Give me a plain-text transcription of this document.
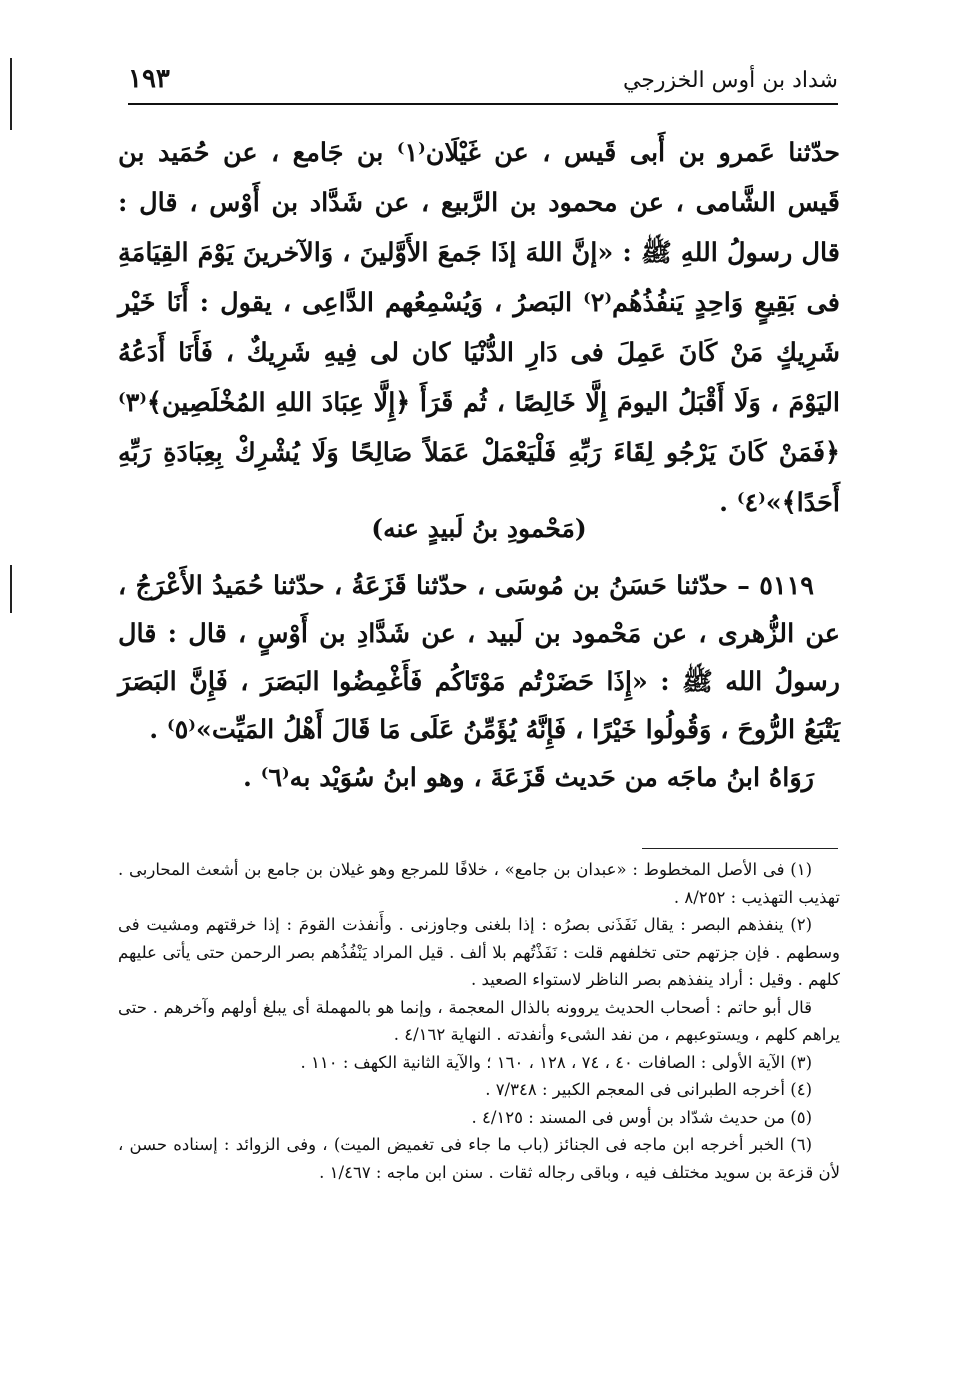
شداد بن أوس الخزرجي
١٩٣

حدّثنا عَمرو بن أَبى قَيس ، عن غَيْلَان⁽١⁾ بن جَامع ، عن حُمَيد بن قَيس الشَّامى ، عن محمود بن الرَّبيع ، عن شَدَّاد بن أَوْس ، قال : قال رسولُ اللهِ ﷺ : «إنَّ اللهَ إذَا جَمعَ الأَوَّلينَ ، وَالآخرينَ يَوْمَ القِيَامَةِ فى بَقِيعٍ وَاحِدٍ يَنفُذُهُم⁽٢⁾ البَصرُ ، وَيُسْمِعُهم الدَّاعِى ، يقول : أَنَا خَيْر شَرِيكٍ مَنْ كَانَ عَمِلَ فى دَارِ الدُّنْيَا كان لى فِيهِ شَرِيكٌ ، فَأَنَا أَدَعُهُ اليَوْمَ ، وَلَا أَقْبَلُ اليومَ إِلَّا خَالِصًا ، ثُم قَرَأَ ﴿إِلَّا عِبَادَ اللهِ المُخْلَصِين﴾⁽٣⁾ ﴿فَمَنْ كَانَ يَرْجُو لِقَاءَ رَبِّهِ فَلْيَعْمَلْ عَمَلاً صَالِحًا وَلَا يُشْرِكْ بِعِبَادَةِ رَبِّهِ أَحَدًا﴾»⁽٤⁾ .

(مَحْمودِ بنُ لَبيدٍ عنه)

٥١١٩ – حدّثنا حَسَنُ بن مُوسَى ، حدّثنا قَزَعَةُ ، حدّثنا حُمَيدُ الأَعْرَجُ ، عن الزُّهرى ، عن مَحْمود بن لَبيد ، عن شَدَّادِ بن أَوْسٍ ، قال : قال رسولُ الله ﷺ : «إِذَا حَضَرْتُم مَوْتَاكُم فَأَغْمِضُوا البَصَرَ ، فَإِنَّ البَصَرَ يَتْبَعُ الرُّوحَ ، وَقُولُوا خَيْرًا ، فَإِنَّهُ يُؤَمِّنُ عَلَى مَا قَالَ أَهْلُ المَيِّت»⁽٥⁾ .

رَوَاهُ ابنُ ماجَه من حَديث قَزَعَةَ ، وهو ابنُ سُوَيْد به⁽٦⁾ .

(١) فى الأصل المخطوط : «عبدان بن جامع» ، خلافًا للمرجع وهو غيلان بن جامع بن أشعث المحاربى . تهذيب التهذيب : ٨/٢٥٢ .

(٢) ينفذهم البصر : يقال نَفَذَنى بصرُه : إذا بلغنى وجاوزنى . وأَنفذت القومَ : إذا خرقتهم ومشيت فى وسطهم . فإن جزتهم حتى تخلفهم قلت : نَفَذْتُهم بلا ألف . قيل المراد يَنْفُذُهم بصر الرحمن حتى يأتى عليهم كلهم . وقيل : أراد ينفذهم بصر الناظر لاستواء الصعيد .

قال أبو حاتم : أصحاب الحديث يروونه بالذال المعجمة ، وإنما هو بالمهملة أى يبلغ أولهم وآخرهم . حتى يراهم كلهم ، ويستوعبهم ، من نفد الشىء وأنفدته . النهاية ٤/١٦٢ .

(٣) الآية الأولى : الصافات ٤٠ ، ٧٤ ، ١٢٨ ، ١٦٠ ؛ والآية الثانية الكهف : ١١٠ .

(٤) أخرجه الطبرانى فى المعجم الكبير : ٧/٣٤٨ .

(٥) من حديث شدّاد بن أوس فى المسند : ٤/١٢٥ .

(٦) الخبر أخرجه ابن ماجه فى الجنائز (باب ما جاء فى تغميض الميت) ، وفى الزوائد : إسناده حسن ، لأن قزعة بن سويد مختلف فيه ، وباقى رجاله ثقات . سنن ابن ماجه : ١/٤٦٧ .
